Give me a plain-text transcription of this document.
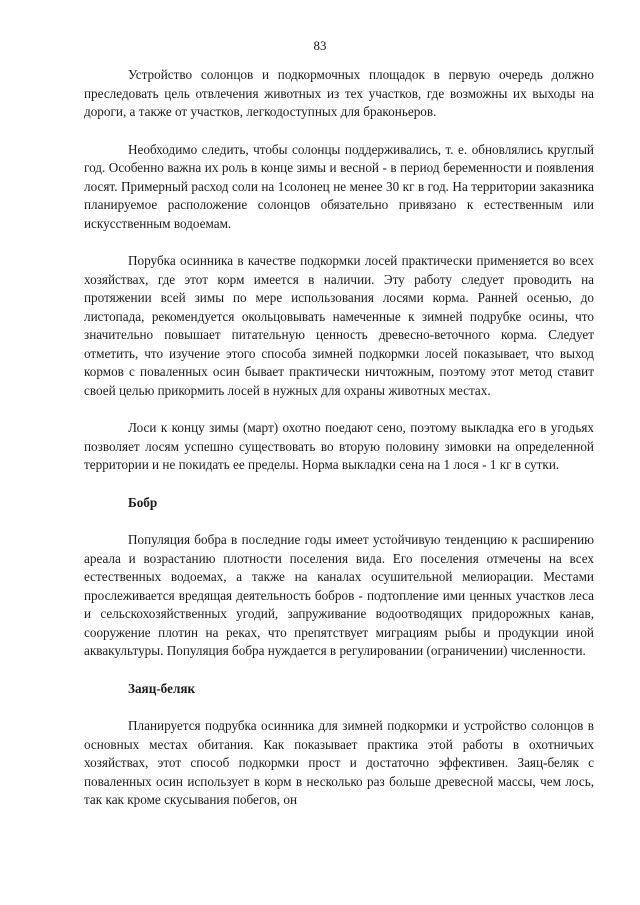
83

Устройство солонцов и подкормочных площадок в первую очередь должно преследовать цель отвлечения животных из тех участков, где возможны их выходы на дороги, а также от участков, легкодоступных для браконьеров.

Необходимо следить, чтобы солонцы поддерживались, т. е. обновлялись круглый год. Особенно важна их роль в конце зимы и весной - в период беременности и появления лосят. Примерный расход соли на 1солонец не менее 30 кг в год. На территории заказника планируемое расположение солонцов обязательно привязано к естественным или искусственным водоемам.

Порубка осинника в качестве подкормки лосей практически применяется во всех хозяйствах, где этот корм имеется в наличии. Эту работу следует проводить на протяжении всей зимы по мере использования лосями корма. Ранней осенью, до листопада, рекомендуется окольцовывать намеченные к зимней подрубке осины, что значительно повышает питательную ценность древесно-веточного корма. Следует отметить, что изучение этого способа зимней подкормки лосей показывает, что выход кормов с поваленных осин бывает практически ничтожным, поэтому этот метод ставит своей целью прикормить лосей в нужных для охраны животных местах.

Лоси к концу зимы (март) охотно поедают сено, поэтому выкладка его в угодьях позволяет лосям успешно существовать во вторую половину зимовки на определенной территории и не покидать ее пределы. Норма выкладки сена на 1 лося - 1 кг в сутки.

Бобр

Популяция бобра в последние годы имеет устойчивую тенденцию к расширению ареала и возрастанию плотности поселения вида. Его поселения отмечены на всех естественных водоемах, а также на каналах осушительной мелиорации. Местами прослеживается вредящая деятельность бобров - подтопление ими ценных участков леса и сельскохозяйственных угодий, запруживание водоотводящих придорожных канав, сооружение плотин на реках, что препятствует миграциям рыбы и продукции иной аквакультуры. Популяция бобра нуждается в регулировании (ограничении) численности.

Заяц-беляк

Планируется подрубка осинника для зимней подкормки и устройство солонцов в основных местах обитания. Как показывает практика этой работы в охотничьих хозяйствах, этот способ подкормки прост и достаточно эффективен. Заяц-беляк с поваленных осин использует в корм в несколько раз больше древесной массы, чем лось, так как кроме скусывания побегов, он
